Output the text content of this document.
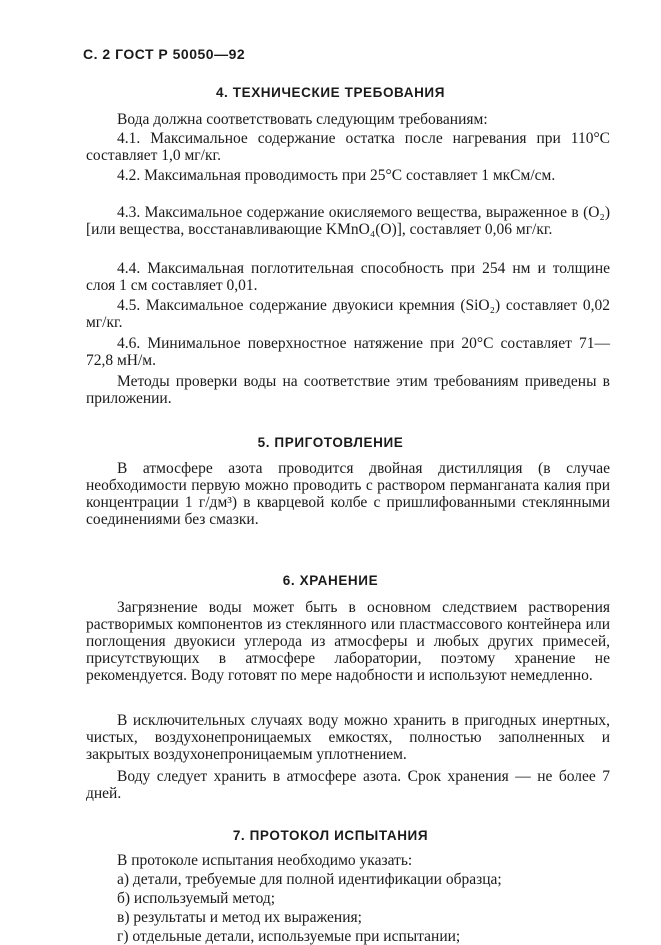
С. 2 ГОСТ Р 50050—92
4. ТЕХНИЧЕСКИЕ ТРЕБОВАНИЯ
Вода должна соответствовать следующим требованиям:
4.1. Максимальное содержание остатка после нагревания при 110°С составляет 1,0 мг/кг.
4.2. Максимальная проводимость при 25°С составляет 1 мкСм/см.
4.3. Максимальное содержание окисляемого вещества, выраженное в (O₂) [или вещества, восстанавливающие KMnO₄(O)], составляет 0,06 мг/кг.
4.4. Максимальная поглотительная способность при 254 нм и толщине слоя 1 см составляет 0,01.
4.5. Максимальное содержание двуокиси кремния (SiO₂) составляет 0,02 мг/кг.
4.6. Минимальное поверхностное натяжение при 20°С составляет 71—72,8 мН/м.
Методы проверки воды на соответствие этим требованиям приведены в приложении.
5. ПРИГОТОВЛЕНИЕ
В атмосфере азота проводится двойная дистилляция (в случае необходимости первую можно проводить с раствором перманганата калия при концентрации 1 г/дм³) в кварцевой колбе с пришлифованными стеклянными соединениями без смазки.
6. ХРАНЕНИЕ
Загрязнение воды может быть в основном следствием растворения растворимых компонентов из стеклянного или пластмассового контейнера или поглощения двуокиси углерода из атмосферы и любых других примесей, присутствующих в атмосфере лаборатории, поэтому хранение не рекомендуется. Воду готовят по мере надобности и используют немедленно.
В исключительных случаях воду можно хранить в пригодных инертных, чистых, воздухонепроницаемых емкостях, полностью заполненных и закрытых воздухонепроницаемым уплотнением.
Воду следует хранить в атмосфере азота. Срок хранения — не более 7 дней.
7. ПРОТОКОЛ ИСПЫТАНИЯ
В протоколе испытания необходимо указать:
а) детали, требуемые для полной идентификации образца;
б) используемый метод;
в) результаты и метод их выражения;
г) отдельные детали, используемые при испытании;
